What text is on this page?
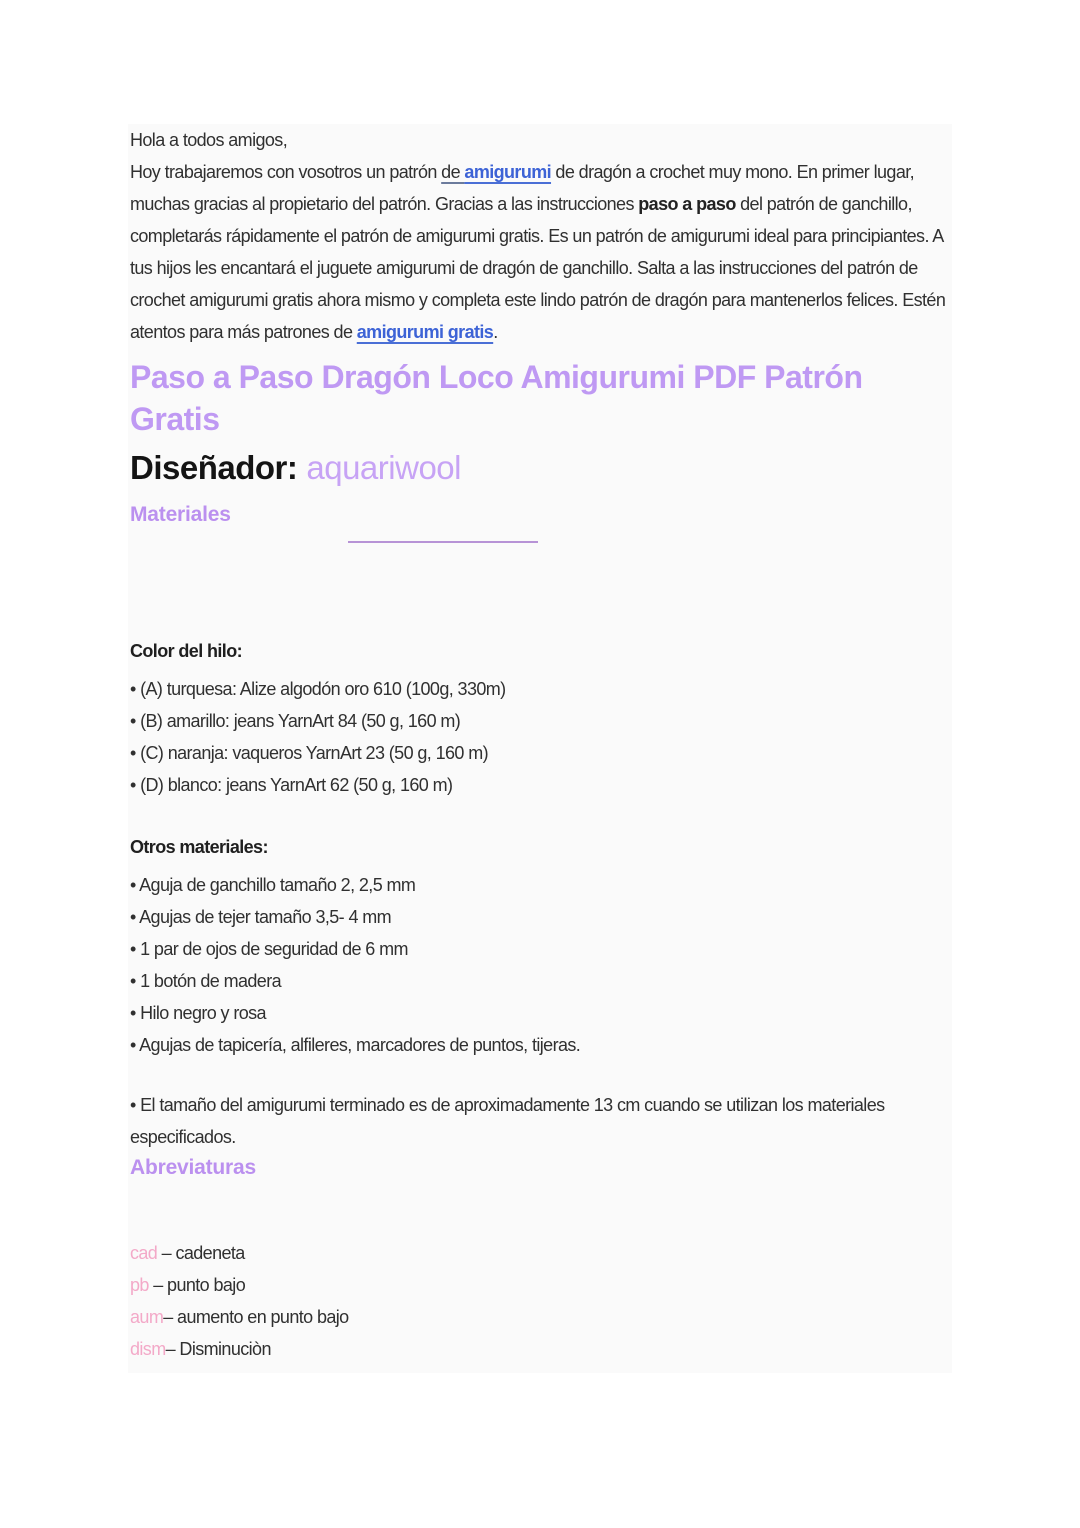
Hola a todos amigos,
Hoy trabajaremos con vosotros un patrón de amigurumi de dragón a crochet muy mono. En primer lugar, muchas gracias al propietario del patrón. Gracias a las instrucciones paso a paso del patrón de ganchillo, completarás rápidamente el patrón de amigurumi gratis. Es un patrón de amigurumi ideal para principiantes. A tus hijos les encantará el juguete amigurumi de dragón de ganchillo. Salta a las instrucciones del patrón de crochet amigurumi gratis ahora mismo y completa este lindo patrón de dragón para mantenerlos felices. Estén atentos para más patrones de amigurumi gratis.

Paso a Paso Dragón Loco Amigurumi PDF Patrón Gratis
Diseñador: aquariwool
Materiales

Color del hilo:

• (A) turquesa: Alize algodón oro 610 (100g, 330m)
• (B) amarillo: jeans YarnArt 84 (50 g, 160 m)
• (C) naranja: vaqueros YarnArt 23 (50 g, 160 m)
• (D) blanco: jeans YarnArt 62 (50 g, 160 m)

Otros materiales:

• Aguja de ganchillo tamaño 2, 2,5 mm
• Agujas de tejer tamaño 3,5- 4 mm
• 1 par de ojos de seguridad de 6 mm
• 1 botón de madera
• Hilo negro y rosa
• Agujas de tapicería, alfileres, marcadores de puntos, tijeras.

• El tamaño del amigurumi terminado es de aproximadamente 13 cm cuando se utilizan los materiales especificados.

Abreviaturas
cad – cadeneta
pb – punto bajo
aum– aumento en punto bajo
dism– Disminuciòn
